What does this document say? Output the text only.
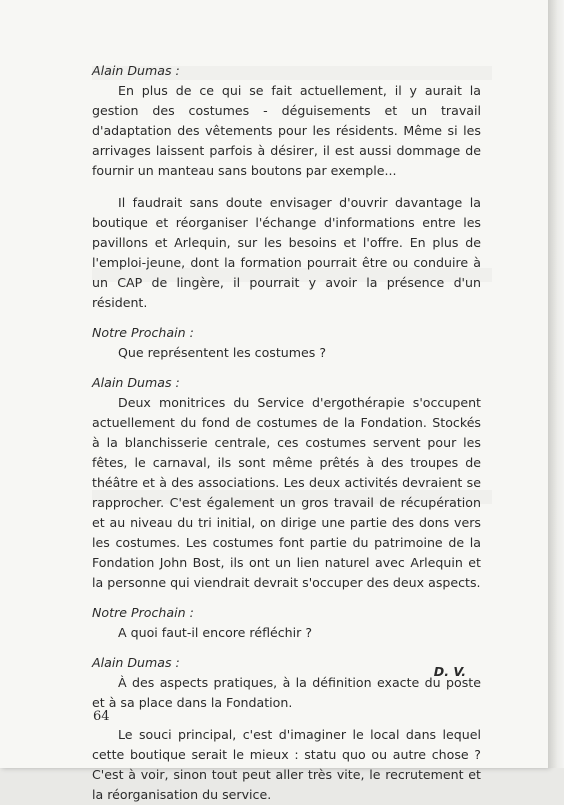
Alain Dumas :

En plus de ce qui se fait actuellement, il y aurait la gestion des costumes - déguisements et un travail d'adaptation des vêtements pour les résidents. Même si les arrivages laissent parfois à désirer, il est aussi dommage de fournir un manteau sans boutons par exemple...

Il faudrait sans doute envisager d'ouvrir davantage la boutique et réorganiser l'échange d'informations entre les pavillons et Arlequin, sur les besoins et l'offre. En plus de l'emploi-jeune, dont la formation pourrait être ou conduire à un CAP de lingère, il pourrait y avoir la présence d'un résident.

Notre Prochain :

Que représentent les costumes ?

Alain Dumas :

Deux monitrices du Service d'ergothérapie s'occupent actuellement du fond de costumes de la Fondation. Stockés à la blanchisserie centrale, ces costumes servent pour les fêtes, le carnaval, ils sont même prêtés à des troupes de théâtre et à des associations. Les deux activités devraient se rapprocher. C'est également un gros travail de récupération et au niveau du tri initial, on dirige une partie des dons vers les costumes. Les costumes font partie du patrimoine de la Fondation John Bost, ils ont un lien naturel avec Arlequin et la personne qui viendrait devrait s'occuper des deux aspects.

Notre Prochain :

A quoi faut-il encore réfléchir ?

Alain Dumas :

À des aspects pratiques, à la définition exacte du poste et à sa place dans la Fondation.

Le souci principal, c'est d'imaginer le local dans lequel cette boutique serait le mieux : statu quo ou autre chose ? C'est à voir, sinon tout peut aller très vite, le recrutement et la réorganisation du service.

D. V.
64
